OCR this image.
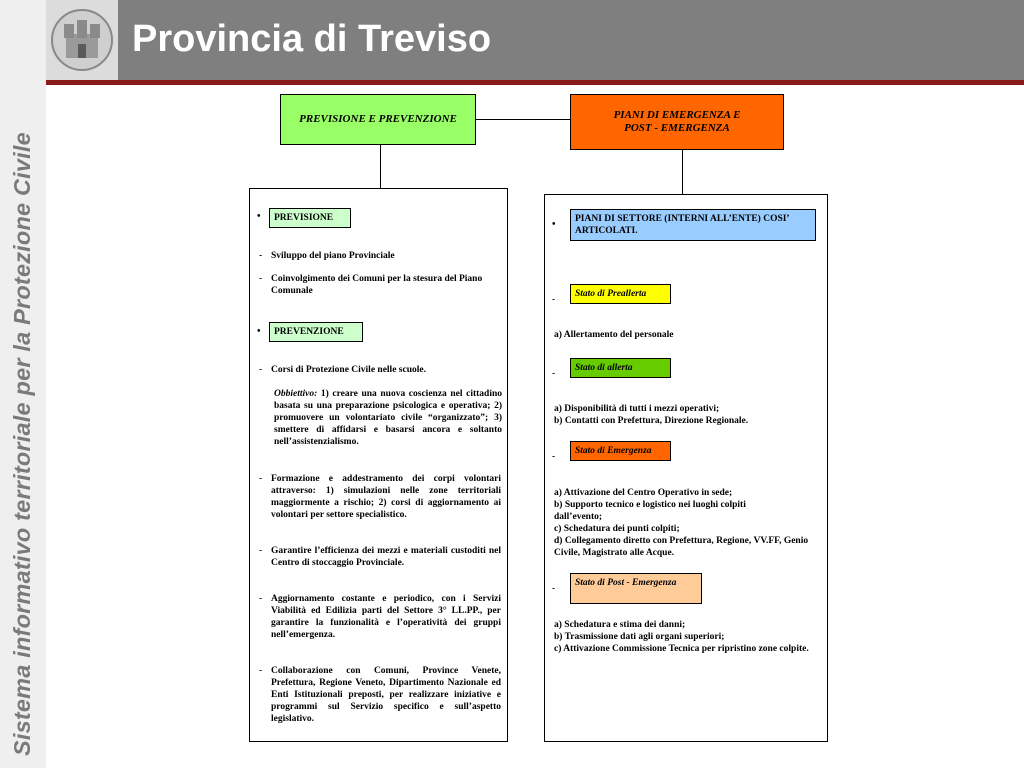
Sistema informativo territoriale per la Protezione Civile
Provincia di Treviso
PREVISIONE E PREVENZIONE	PIANI DI EMERGENZA E
POST - EMERGENZA
•	PREVISIONE
- Sviluppo del piano Provinciale
- Coinvolgimento dei Comuni per la stesura del Piano Comunale
•	PREVENZIONE
- Corsi di Protezione Civile nelle scuole.
Obbiettivo: 1) creare una nuova coscienza nel cittadino basata su una preparazione psicologica e operativa; 2) promuovere un volontariato civile “organizzato”; 3) smettere di affidarsi e basarsi ancora e soltanto nell’assistenzialismo.
- Formazione e addestramento dei corpi volontari attraverso: 1) simulazioni nelle zone territoriali maggiormente a rischio; 2) corsi di aggiornamento ai volontari per settore specialistico.
- Garantire l’efficienza dei mezzi e materiali custoditi nel Centro di stoccaggio Provinciale.
- Aggiornamento costante e periodico, con i Servizi Viabilità ed Edilizia parti del Settore 3° LL.PP., per garantire la funzionalità e l’operatività dei gruppi nell’emergenza.
- Collaborazione con Comuni, Province Venete, Prefettura, Regione Veneto, Dipartimento Nazionale ed Enti Istituzionali preposti, per realizzare iniziative e programmi sul Servizio specifico e sull’aspetto legislativo.
•	PIANI DI SETTORE (INTERNI ALL’ENTE) COSI’ ARTICOLATI.
-
Stato di Preallerta
a) Allertamento del personale
-
Stato di allerta
a) Disponibilità di tutti i mezzi operativi;
b) Contatti con Prefettura, Direzione Regionale.
-
Stato di Emergenza
a) Attivazione del Centro Operativo in sede;
b) Supporto tecnico e logistico nei luoghi colpiti dall’evento;
c) Schedatura dei punti colpiti;
d) Collegamento diretto con Prefettura, Regione, VV.FF, Genio Civile, Magistrato alle Acque.
-
Stato di Post - Emergenza
a) Schedatura e stima dei danni;
b) Trasmissione dati agli organi superiori;
c) Attivazione Commissione Tecnica per ripristino zone colpite.
